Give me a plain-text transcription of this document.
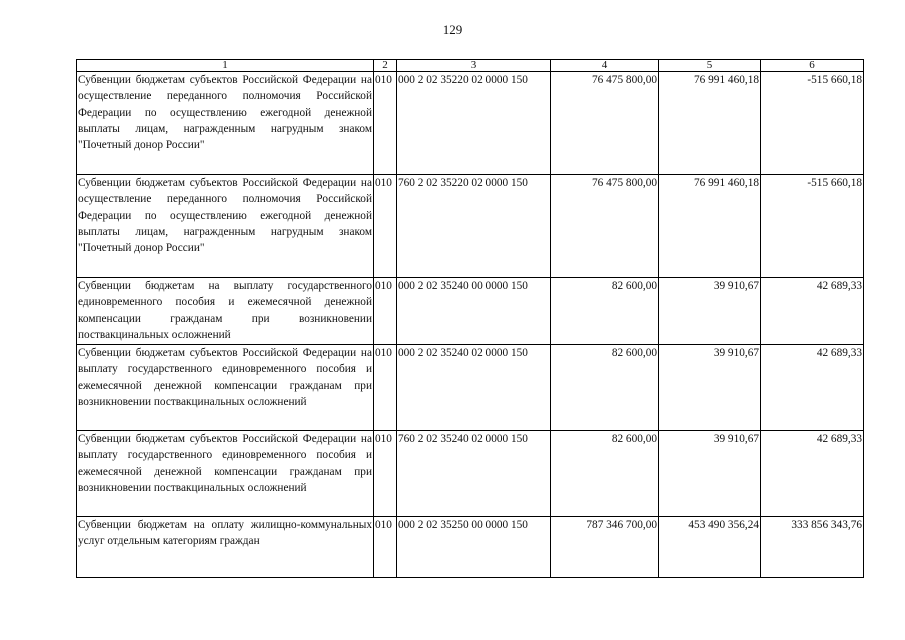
129
1	2	3	4	5	6
Субвенции бюджетам субъектов Российской Федерации на осуществление переданного полномочия Российской Федерации по осуществлению ежегодной денежной выплаты лицам, награжденным нагрудным знаком "Почетный донор России"	010	000 2 02 35220 02 0000 150	76 475 800,00	76 991 460,18	-515 660,18
Субвенции бюджетам субъектов Российской Федерации на осуществление переданного полномочия Российской Федерации по осуществлению ежегодной денежной выплаты лицам, награжденным нагрудным знаком "Почетный донор России"	010	760 2 02 35220 02 0000 150	76 475 800,00	76 991 460,18	-515 660,18
Субвенции бюджетам на выплату государственного единовременного пособия и ежемесячной денежной компенсации гражданам при возникновении поствакцинальных осложнений	010	000 2 02 35240 00 0000 150	82 600,00	39 910,67	42 689,33
Субвенции бюджетам субъектов Российской Федерации на выплату государственного единовременного пособия и ежемесячной денежной компенсации гражданам при возникновении поствакцинальных осложнений	010	000 2 02 35240 02 0000 150	82 600,00	39 910,67	42 689,33
Субвенции бюджетам субъектов Российской Федерации на выплату государственного единовременного пособия и ежемесячной денежной компенсации гражданам при возникновении поствакцинальных осложнений	010	760 2 02 35240 02 0000 150	82 600,00	39 910,67	42 689,33
Субвенции бюджетам на оплату жилищно-коммунальных услуг отдельным категориям граждан	010	000 2 02 35250 00 0000 150	787 346 700,00	453 490 356,24	333 856 343,76
